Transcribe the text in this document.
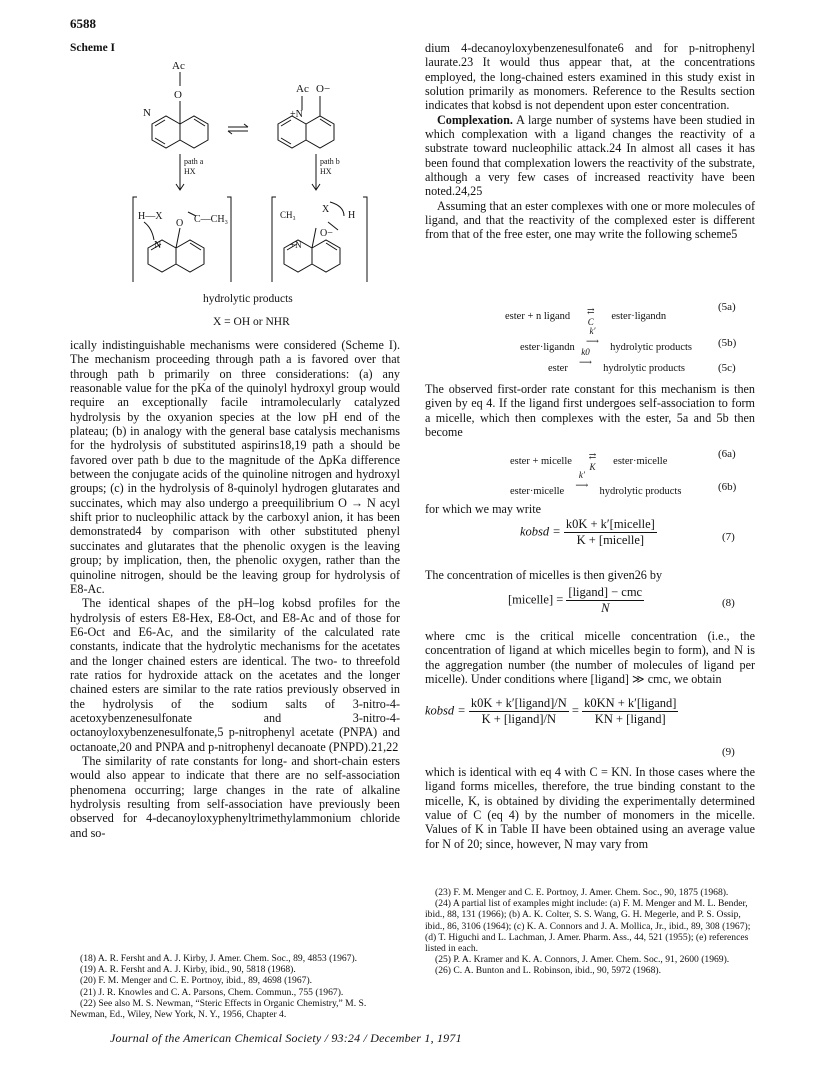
6588
Scheme I
Ac
O
N
Ac O−
+N
path a
HX
path b
HX
H—X	C—CH₃
O
N
CH₃	X
H
O−
+N
hydrolytic products
X = OH or NHR

ically indistinguishable mechanisms were considered (Scheme I). The mechanism proceeding through path a is favored over that through path b primarily on three considerations: (a) any reasonable value for the pKa of the quinolyl hydroxyl group would require an exceptionally facile intramolecularly catalyzed hydrolysis by the oxyanion species at the low pH end of the plateau; (b) in analogy with the general base catalysis mechanisms for the hydrolysis of substituted aspirins18,19 path a should be favored over path b due to the magnitude of the ΔpKa difference between the conjugate acids of the quinoline nitrogen and hydroxyl groups; (c) in the hydrolysis of 8-quinolyl hydrogen glutarates and succinates, which may also undergo a preequilibrium O → N acyl shift prior to nucleophilic attack by the carboxyl anion, it has been demonstrated4 by comparison with other substituted phenyl succinates and glutarates that the phenolic oxygen is the leaving group; by implication, then, the phenolic oxygen, rather than the quinoline nitrogen, should be the leaving group for hydrolysis of E8-Ac.

The identical shapes of the pH–log kobsd profiles for the hydrolysis of esters E8-Hex, E8-Oct, and E8-Ac and of those for E6-Oct and E6-Ac, and the similarity of the calculated rate constants, indicate that the hydrolytic mechanisms for the acetates and the longer chained esters are identical. The two- to threefold rate ratios for hydroxide attack on the acetates and the longer chained esters are similar to the rate ratios previously observed in the hydrolysis of the sodium salts of 3-nitro-4-acetoxybenzenesulfonate and 3-nitro-4-octanoyloxybenzenesulfonate,5 p-nitrophenyl acetate (PNPA) and octanoate,20 and PNPA and p-nitrophenyl decanoate (PNPD).21,22

The similarity of rate constants for long- and short-chain esters would also appear to indicate that there are no self-association phenomena occurring; large changes in the rate of alkaline hydrolysis resulting from self-association have previously been observed for 4-decanoyloxyphenyltrimethylammonium chloride and so-

(18) A. R. Fersht and A. J. Kirby, J. Amer. Chem. Soc., 89, 4853 (1967).

(19) A. R. Fersht and A. J. Kirby, ibid., 90, 5818 (1968).

(20) F. M. Menger and C. E. Portnoy, ibid., 89, 4698 (1967).

(21) J. R. Knowles and C. A. Parsons, Chem. Commun., 755 (1967).

(22) See also M. S. Newman, “Steric Effects in Organic Chemistry,” M. S. Newman, Ed., Wiley, New York, N. Y., 1956, Chapter 4.

dium 4-decanoyloxybenzenesulfonate6 and for p-nitrophenyl laurate.23 It would thus appear that, at the concentrations employed, the long-chained esters examined in this study exist in solution primarily as monomers. Reference to the Results section indicates that kobsd is not dependent upon ester concentration.

Complexation. A large number of systems have been studied in which complexation with a ligand changes the reactivity of a substrate toward nucleophilic attack.24 In almost all cases it has been found that complexation lowers the reactivity of the substrate, although a very few cases of increased reactivity have been noted.24,25

Assuming that an ester complexes with one or more molecules of ligand, and that the reactivity of the complexed ester is different from that of the free ester, one may write the following scheme5

ester + n ligand ⇄
C ester·ligandn
(5a)
ester·ligandn k′
⟶ hydrolytic products (5b)
ester k0
⟶ hydrolytic products	(5c)

The observed first-order rate constant for this mechanism is then given by eq 4. If the ligand first undergoes self-association to form a micelle, which then complexes with the ester, 5a and 5b then become

ester + micelle ⇄
K ester·micelle
(6a)
ester·micelle k′
⟶ hydrolytic products	(6b)
for which we may write
kobsd = $\frac{\text{k0K + k′[micelle]}}{\text{K + [micelle]}}$	(7)
The concentration of micelles is then given26 by
[micelle] = $\frac{\text{[ligand] − cmc}}{N}$	(8)
where cmc is the critical micelle concentration (i.e., the concentration of ligand at which micelles begin to form), and N is the aggregation number (the number of molecules of ligand per micelle). Under conditions where [ligand] ≫ cmc, we obtain
kobsd = $\frac{\text{k0K + k′[ligand]/N}}{\text{K + [ligand]/N}} = \frac{\text{k0KN + k′[ligand]}}{\text{KN + [ligand]}}$
(9)
which is identical with eq 4 with C = KN. In those cases where the ligand forms micelles, therefore, the true binding constant to the micelle, K, is obtained by dividing the experimentally determined value of C (eq 4) by the number of monomers in the micelle. Values of K in Table II have been obtained using an average value for N of 20; since, however, N may vary from

(23) F. M. Menger and C. E. Portnoy, J. Amer. Chem. Soc., 90, 1875 (1968).

(24) A partial list of examples might include: (a) F. M. Menger and M. L. Bender, ibid., 88, 131 (1966); (b) A. K. Colter, S. S. Wang, G. H. Megerle, and P. S. Ossip, ibid., 86, 3106 (1964); (c) K. A. Connors and J. A. Mollica, Jr., ibid., 89, 308 (1967); (d) T. Higuchi and L. Lachman, J. Amer. Pharm. Ass., 44, 521 (1955); (e) references listed in each.

(25) P. A. Kramer and K. A. Connors, J. Amer. Chem. Soc., 91, 2600 (1969).

(26) C. A. Bunton and L. Robinson, ibid., 90, 5972 (1968).

Journal of the American Chemical Society / 93:24 / December 1, 1971
